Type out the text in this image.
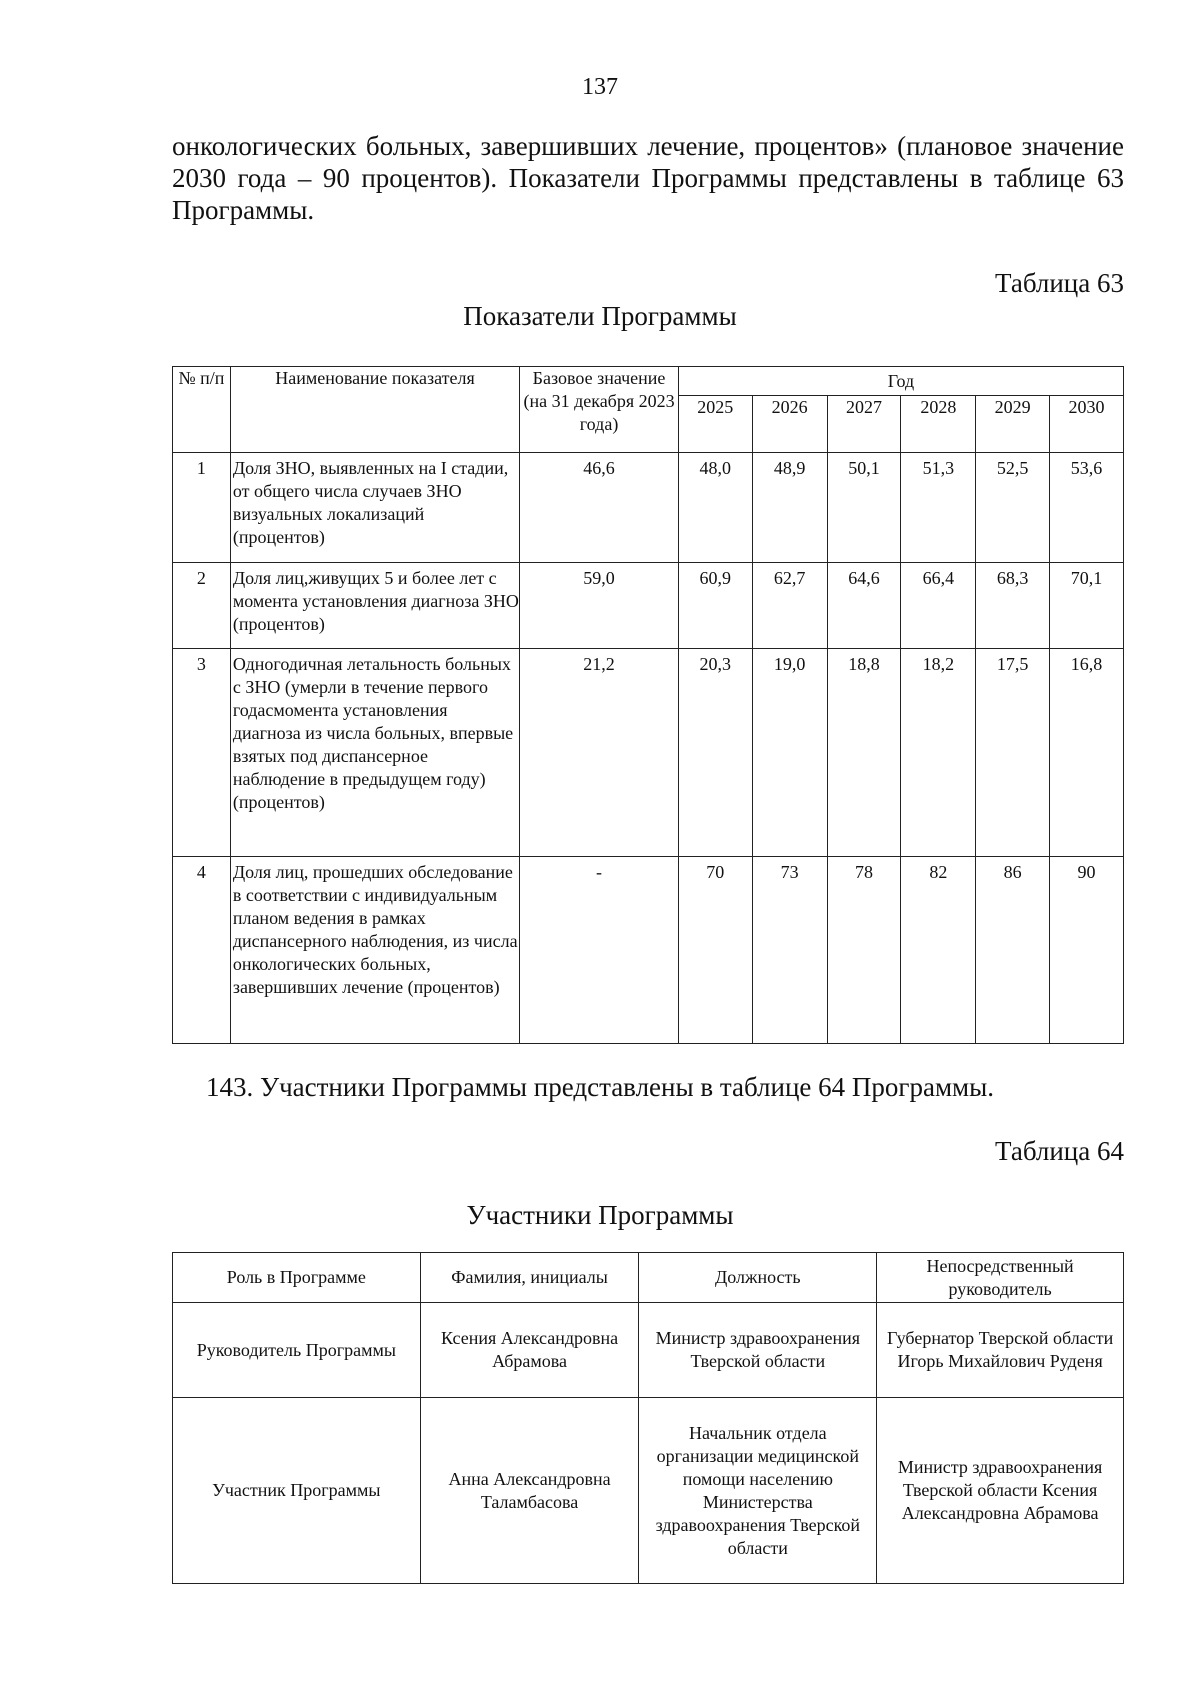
137
онкологических больных, завершивших лечение, процентов» (плановое значение 2030 года – 90 процентов). Показатели Программы представлены в таблице 63 Программы.
Таблица 63
Показатели Программы
№ п/п	Наименование показателя	Базовое значение (на 31 декабря 2023 года)	Год					
			2025	2026	2027	2028	2029	2030
1	Доля ЗНО, выявленных на I стадии, от общего числа случаев ЗНО визуальных локализаций (процентов)	46,6	48,0	48,9	50,1	51,3	52,5	53,6
2	Доля лиц,живущих 5 и более лет с момента установления диагноза ЗНО (процентов)	59,0	60,9	62,7	64,6	66,4	68,3	70,1
3	Одногодичная летальность больных с ЗНО (умерли в течение первого годасмомента установления диагноза из числа больных, впервые взятых под диспансерное наблюдение в предыдущем году) (процентов)	21,2	20,3	19,0	18,8	18,2	17,5	16,8
4	Доля лиц, прошедших обследование в соответствии с индивидуальным планом ведения в рамках диспансерного наблюдения, из числа онкологических больных, завершивших лечение (процентов)	-	70	73	78	82	86	90
143. Участники Программы представлены в таблице 64 Программы.
Таблица 64
Участники Программы
Роль в Программе	Фамилия, инициалы	Должность	Непосредственный руководитель
Руководитель Программы	Ксения Александровна Абрамова	Министр здравоохранения Тверской области	Губернатор Тверской области Игорь Михайлович Руденя
Участник Программы	Анна Александровна Таламбасова	Начальник отдела организации медицинской помощи населению Министерства здравоохранения Тверской области	Министр здравоохранения Тверской области Ксения Александровна Абрамова
